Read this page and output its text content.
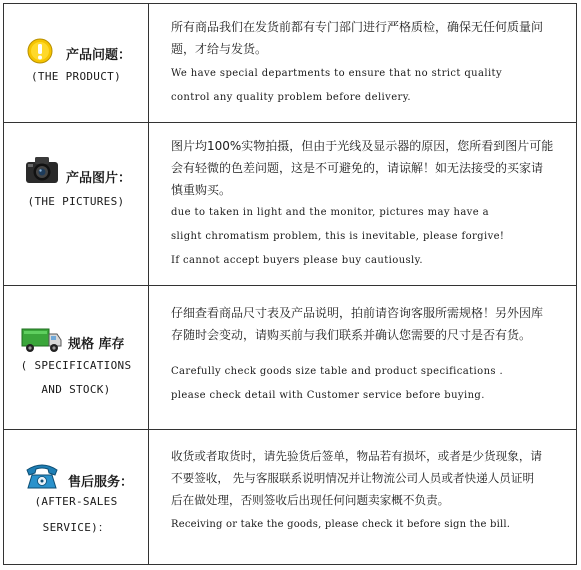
产品问题：
(THE PRODUCT)

所有商品我们在发货前都有专门部门进行严格质检，确保无任何质量问

题，才给与发货。

We have special departments to ensure that no strict quality

control any quality problem before delivery.

产品图片：
(THE PICTURES)

图片均100%实物拍摄，但由于光线及显示器的原因，您所看到图片可能

会有轻微的色差问题，这是不可避免的，请谅解！如无法接受的买家请

慎重购买。

due to taken in light and the monitor, pictures may have a

slight chromatism problem, this is inevitable, please forgive!

If cannot accept buyers please buy cautiously.

规格 库存
( SPECIFICATIONS
AND STOCK)

仔细查看商品尺寸表及产品说明，拍前请咨询客服所需规格！另外因库

存随时会变动，请购买前与我们联系并确认您需要的尺寸是否有货。

Carefully check goods size table and product specifications .

please check detail with Customer service before buying.

售后服务：
(AFTER-SALES
SERVICE)：

收货或者取货时，请先验货后签单，物品若有损坏，或者是少货现象，请

不要签收， 先与客服联系说明情况并让物流公司人员或者快递人员证明

后在做处理，否则签收后出现任何问题卖家概不负责。

Receiving or take the goods, please check it before sign the bill.
